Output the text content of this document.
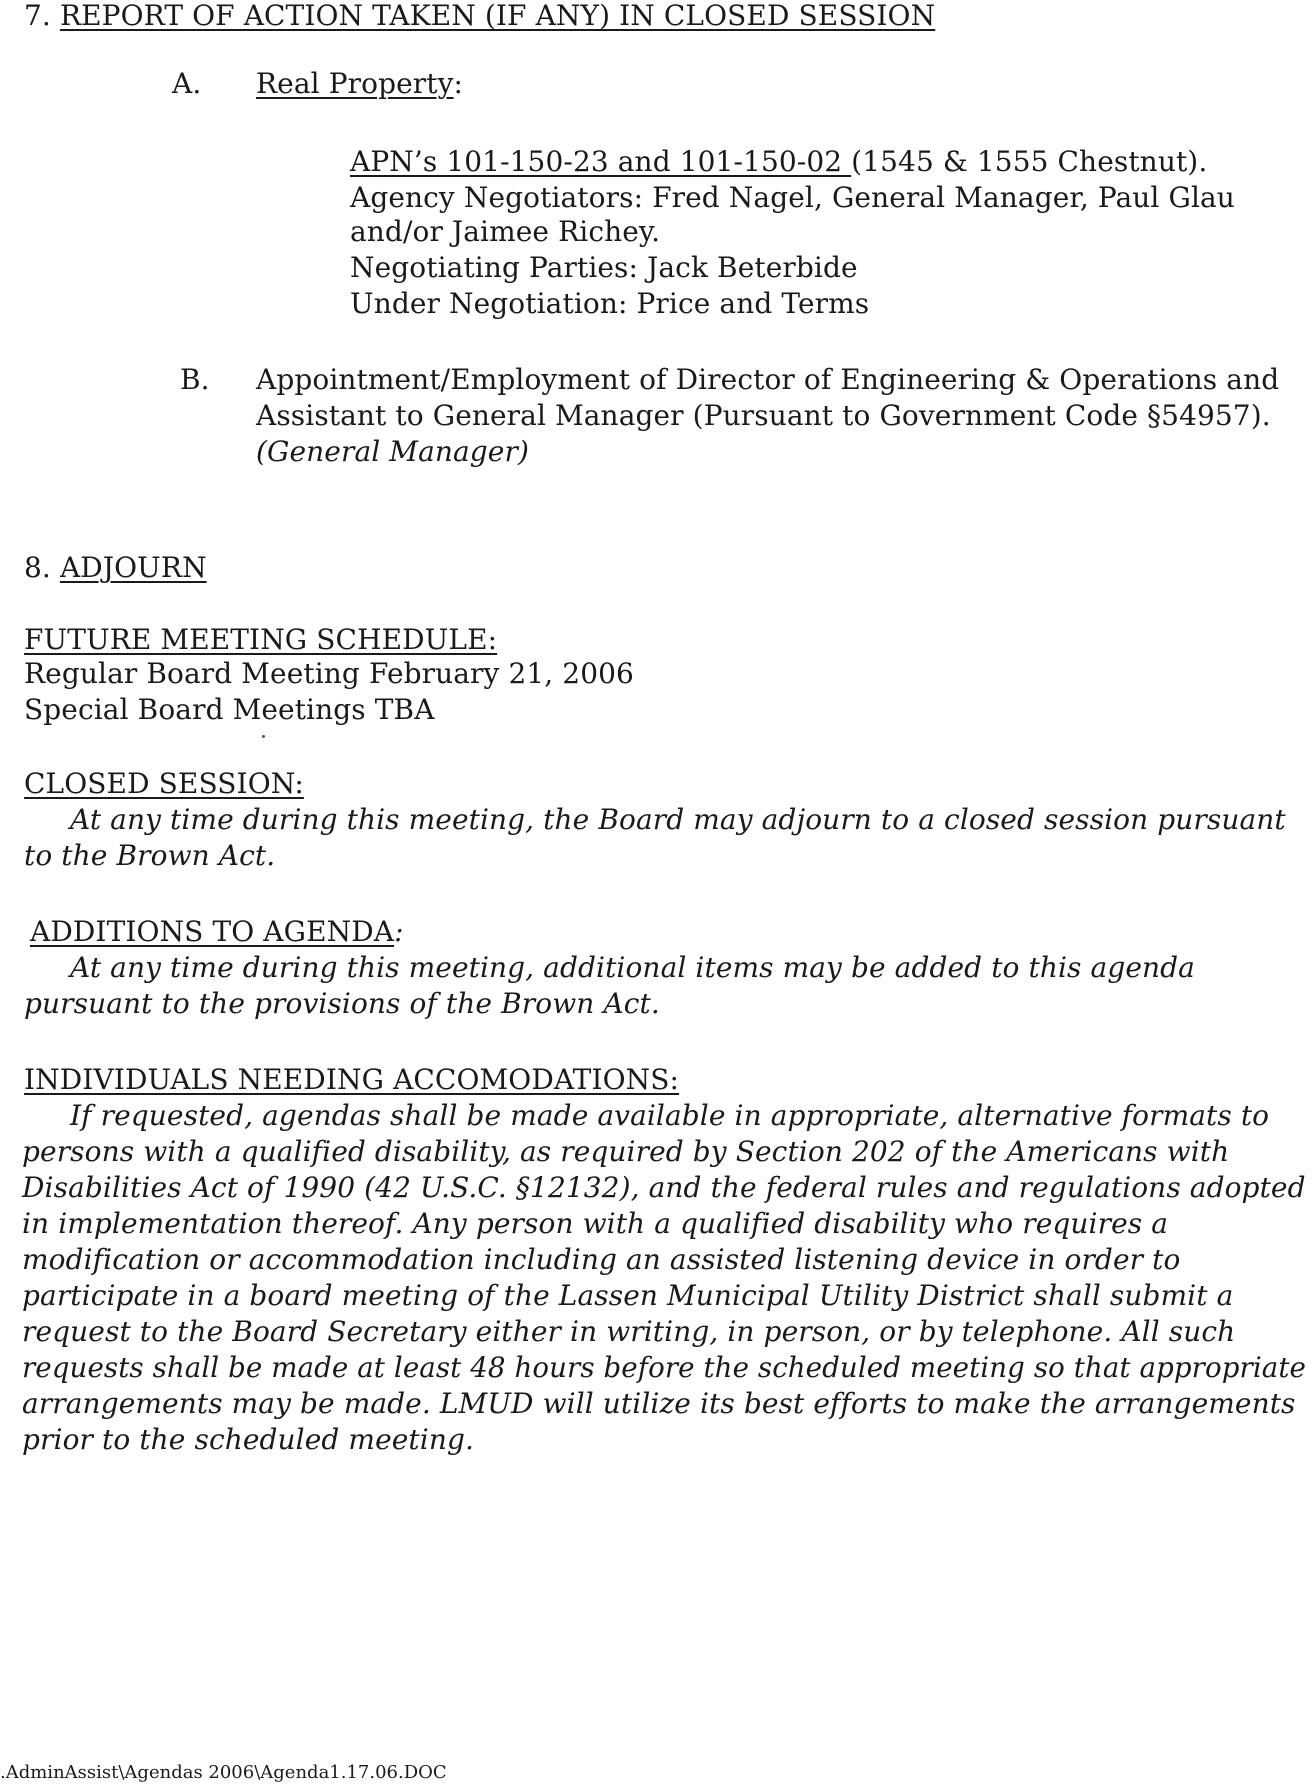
7. REPORT OF ACTION TAKEN (IF ANY) IN CLOSED SESSION
A. Real Property:
APN’s 101-150-23 and 101-150-02 (1545 & 1555 Chestnut).
Agency Negotiators: Fred Nagel, General Manager, Paul Glau
and/or Jaimee Richey.
Negotiating Parties: Jack Beterbide
Under Negotiation: Price and Terms
B. Appointment/Employment of Director of Engineering & Operations and
Assistant to General Manager (Pursuant to Government Code §54957).
(General Manager)
8. ADJOURN
FUTURE MEETING SCHEDULE:
Regular Board Meeting February 21, 2006
Special Board Meetings TBA
CLOSED SESSION:
At any time during this meeting, the Board may adjourn to a closed session pursuant
to the Brown Act.
ADDITIONS TO AGENDA:
At any time during this meeting, additional items may be added to this agenda
pursuant to the provisions of the Brown Act.
INDIVIDUALS NEEDING ACCOMODATIONS:
If requested, agendas shall be made available in appropriate, alternative formats to
persons with a qualified disability, as required by Section 202 of the Americans with
Disabilities Act of 1990 (42 U.S.C. §12132), and the federal rules and regulations adopted
in implementation thereof. Any person with a qualified disability who requires a
modification or accommodation including an assisted listening device in order to
participate in a board meeting of the Lassen Municipal Utility District shall submit a
request to the Board Secretary either in writing, in person, or by telephone. All such
requests shall be made at least 48 hours before the scheduled meeting so that appropriate
arrangements may be made. LMUD will utilize its best efforts to make the arrangements
prior to the scheduled meeting.
.AdminAssist\Agendas 2006\Agenda1.17.06.DOC
